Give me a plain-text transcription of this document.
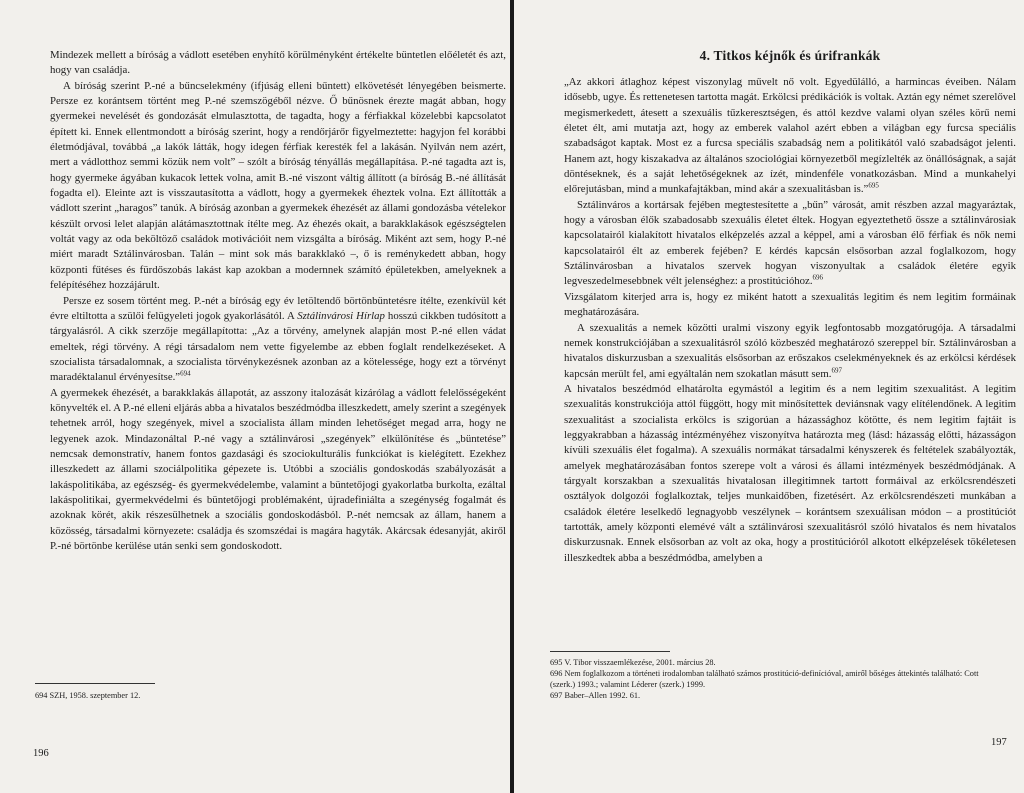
Mindezek mellett a bíróság a vádlott esetében enyhítő körülményként értékelte büntetlen előéletét és azt, hogy van családja.

A bíróság szerint P.-né a bűncselekmény (ifjúság elleni bűntett) elkövetését lényegében beismerte. Persze ez korántsem történt meg P.-né szemszögéből nézve. Ő bűnösnek érezte magát abban, hogy gyermekei nevelését és gondozását elmulasztotta, de tagadta, hogy a férfiakkal közelebbi kapcsolatot épített ki. Ennek ellentmondott a bíróság szerint, hogy a rendőrjárőr figyelmeztette: hagyjon fel korábbi életmódjával, továbbá „a lakók látták, hogy idegen férfiak keresték fel a lakásán. Nyilván nem azért, mert a vádlotthoz semmi közük nem volt” – szólt a bíróság tényállás megállapítása. P.-né tagadta azt is, hogy gyermeke ágyában kukacok lettek volna, amit B.-né viszont váltig állított (a bíróság B.-né állítását fogadta el). Eleinte azt is visszautasította a vádlott, hogy a gyermekek éheztek volna. Ezt állították a vádlott szerint „haragos” tanúk. A bíróság azonban a gyermekek éhezését az állami gondozásba vételekor készült orvosi lelet alapján alátámasztottnak ítélte meg. Az éhezés okait, a barakklakások egészségtelen voltát vagy az oda beköltöző családok motivációit nem vizsgálta a bíróság. Miként azt sem, hogy P.-né miért maradt Sztálinvárosban. Talán – mint sok más barakklakó –, ő is reménykedett abban, hogy központi fűtéses és fürdőszobás lakást kap azokban a modernnek számító épületekben, amelyeknek a felépítéséhez hozzájárult.

Persze ez sosem történt meg. P.-nét a bíróság egy év letöltendő börtönbüntetésre ítélte, ezenkívül két évre eltiltotta a szülői felügyeleti jogok gyakorlásától. A Sztálinvárosi Hírlap hosszú cikkben tudósított a tárgyalásról. A cikk szerzője megállapította: „Az a törvény, amelynek alapján most P.-né ellen vádat emeltek, régi törvény. A régi társadalom nem vette figyelembe az ebben foglalt rendelkezéseket. A szocialista társadalomnak, a szocialista törvénykezésnek azonban az a kötelessége, hogy ezt a törvényt maradéktalanul érvényesítse.”$^{694}$

A gyermekek éhezését, a barakklakás állapotát, az asszony italozását kizárólag a vádlott felelősségeként könyvelték el. A P.-né elleni eljárás abba a hivatalos beszédmódba illeszkedett, amely szerint a szegények tehetnek arról, hogy szegények, mivel a szocialista állam minden lehetőséget megad arra, hogy ne legyenek azok. Mindazonáltal P.-né vagy a sztálinvárosi „szegények” elkülönítése és „büntetése” nemcsak demonstratív, hanem fontos gazdasági és szociokulturális funkciókat is kielégített. Ezekhez illeszkedett az állami szociálpolitika gépezete is. Utóbbi a szociális gondoskodás szabályozását a lakáspolitikába, az egészség- és gyermekvédelembe, valamint a büntetőjogi gyakorlatba burkolta, ezáltal lakáspolitikai, gyermekvédelmi és büntetőjogi problémaként, újradefiniálta a szegénység fogalmát és azoknak körét, akik részesülhetnek a szociális gondoskodásból. P.-nét nemcsak az állam, hanem a közösség, társadalmi környezete: családja és szomszédai is magára hagyták. Akárcsak édesanyját, akiről P.-né börtönbe kerülése után senki sem gondoskodott.

694 SZH, 1958. szeptember 12.

196
4. Titkos kéjnők és úrifrankák

„Az akkori átlaghoz képest viszonylag művelt nő volt. Egyedülálló, a harmincas éveiben. Nálam idősebb, ugye. És rettenetesen tartotta magát. Erkölcsi prédikációk is voltak. Aztán egy német szerelővel megismerkedett, átesett a szexuális tűzkeresztségen, és attól kezdve valami olyan széles körű nemi életet élt, ami mutatja azt, hogy az emberek valahol azért ebben a világban egy furcsa speciális szabadságot kaptak. Most ez a furcsa speciális szabadság nem a politikától való szabadságot jelenti. Hanem azt, hogy kiszakadva az általános szociológiai környezetből megízlelték az önállóságnak, a saját döntéseknek, és a saját lehetőségeknek az ízét, mindenféle vonatkozásban. Mind a munkahelyi előrejutásban, mind a munkafajtákban, mind akár a szexualitásban is.”$^{695}$

Sztálinváros a kortársak fejében megtestesítette a „bűn” városát, amit részben azzal magyaráztak, hogy a városban élők szabadosabb szexuális életet éltek. Hogyan egyeztethető össze a sztálinvárosiak kapcsolatairól kialakított hivatalos elképzelés azzal a képpel, ami a városban élő férfiak és nők nemi kapcsolatairól élt az emberek fejében? E kérdés kapcsán elsősorban azzal foglalkozom, hogy Sztálinvárosban a hivatalos szervek hogyan viszonyultak a családok életére egyik legveszedelmesebbnek vélt jelenséghez: a prostitúcióhoz.$^{696}$

Vizsgálatom kiterjed arra is, hogy ez miként hatott a szexualitás legitim és nem legitim formáinak meghatározására.

A szexualitás a nemek közötti uralmi viszony egyik legfontosabb mozgatórugója. A társadalmi nemek konstrukciójában a szexualitásról szóló közbeszéd meghatározó szereppel bír. Sztálinvárosban a hivatalos diskurzusban a szexualitás elsősorban az erőszakos cselekményeknek és az erkölcsi kérdések kapcsán merült fel, ami egyáltalán nem szokatlan másutt sem.$^{697}$

A hivatalos beszédmód elhatárolta egymástól a legitim és a nem legitim szexualitást. A legitim szexualitás konstrukciója attól függött, hogy mit minősítettek deviánsnak vagy elítélendőnek. A legitim szexualitást a szocialista erkölcs is szigorúan a házassághoz kötötte, és nem legitim fajtáit is leggyakrabban a házasság intézményéhez viszonyítva határozta meg (lásd: házasság előtti, házasságon kívüli szexuális élet fogalma). A szexuális normákat társadalmi kényszerek és feltételek szabályozták, amelyek meghatározásában fontos szerepe volt a városi és állami intézmények beszédmódjának. A tárgyalt korszakban a szexualitás hivatalosan illegitimnek tartott formáival az erkölcsrendészeti osztályok dolgozói foglalkoztak, teljes munkaidőben, fizetésért. Az erkölcsrendészeti munkában a családok életére leselkedő legnagyobb veszélynek – korántsem szexuálisan módon – a prostitúciót tartották, amely központi elemévé vált a sztálinvárosi szexualitásról szóló hivatalos és nem hivatalos diskurzusnak. Ennek elsősorban az volt az oka, hogy a prostitúcióról alkotott elképzelések tökéletesen illeszkedtek abba a beszédmódba, amelyben a

695 V. Tibor visszaemlékezése, 2001. március 28.

696 Nem foglalkozom a történeti irodalomban található számos prostitúció-definícióval, amiről bőséges áttekintés található: Cott (szerk.) 1993.; valamint Léderer (szerk.) 1999.

697 Baber–Allen 1992. 61.

197
